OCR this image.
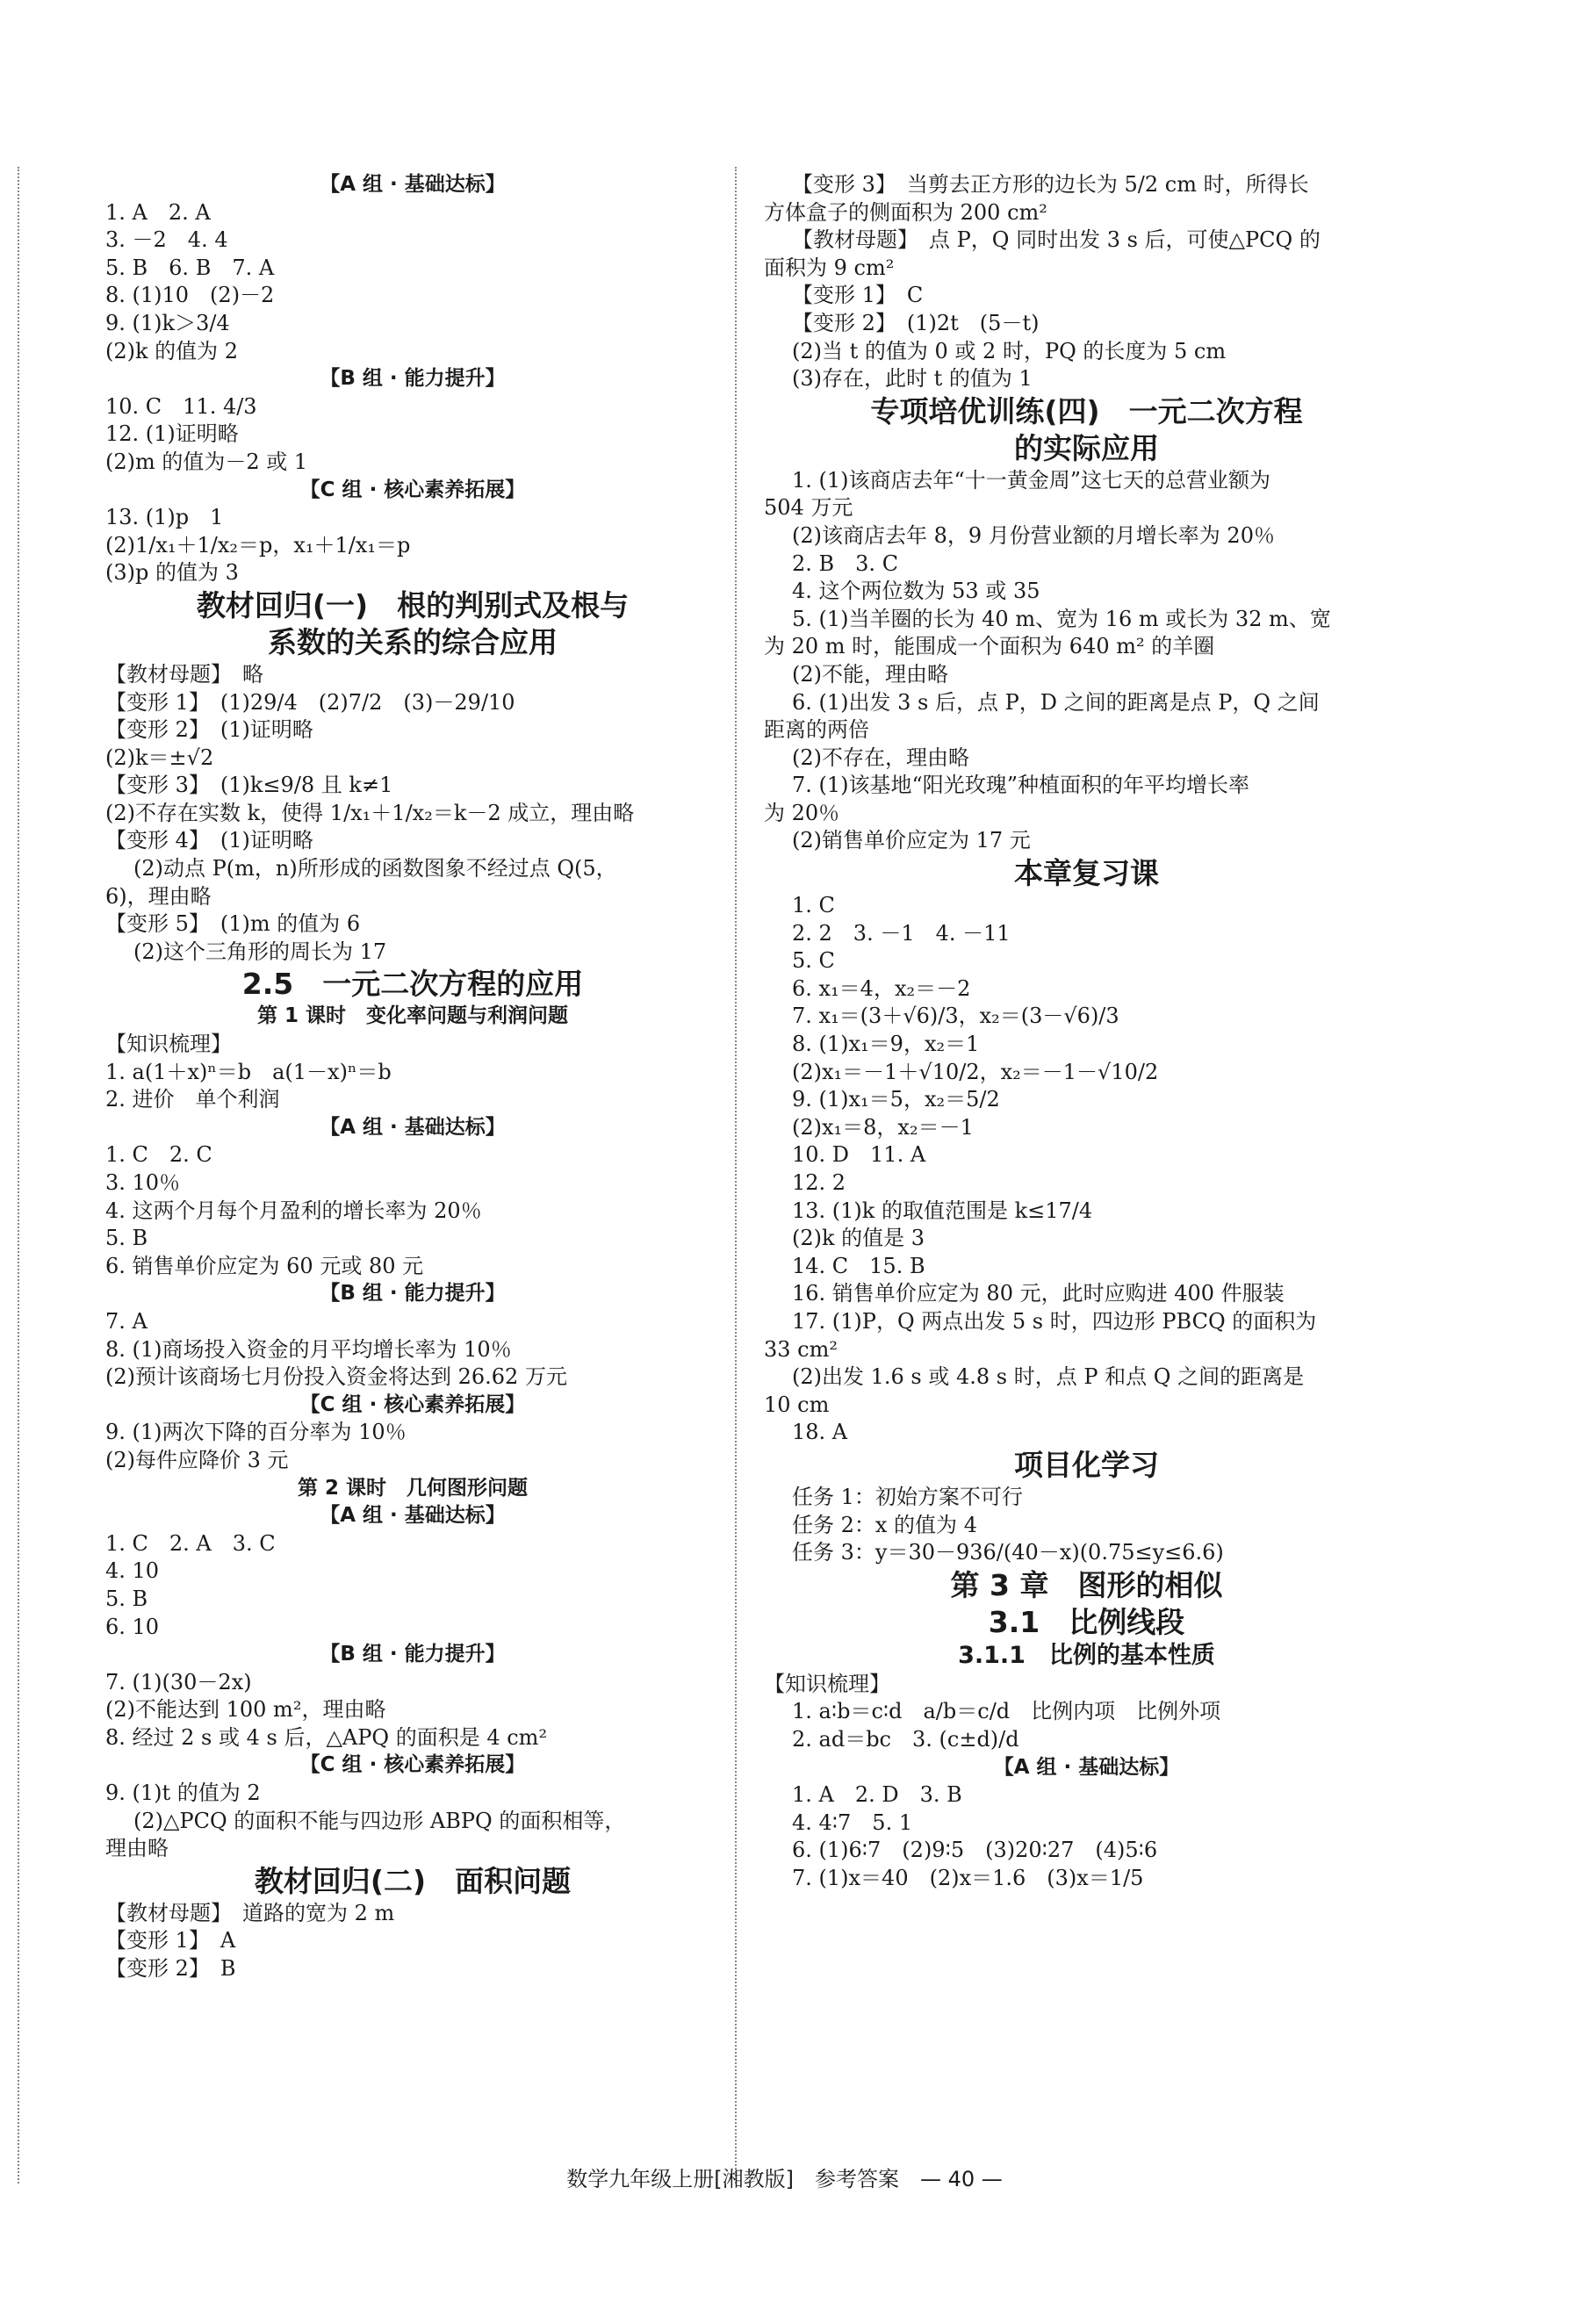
【A 组 · 基础达标】
1. A　2. A
3. －2　4. 4
5. B　6. B　7. A
8. (1)10　(2)－2
9. (1)k＞3/4
(2)k 的值为 2
【B 组 · 能力提升】
10. C　11. 4/3
12. (1)证明略
(2)m 的值为－2 或 1
【C 组 · 核心素养拓展】
13. (1)p　1
(2)1/x₁＋1/x₂＝p，x₁＋1/x₁＝p
(3)p 的值为 3
教材回归(一)　根的判别式及根与
系数的关系的综合应用
【教材母题】　略
【变形 1】　(1)29/4　(2)7/2　(3)－29/10
【变形 2】　(1)证明略
(2)k＝±√2
【变形 3】　(1)k≤9/8 且 k≠1
(2)不存在实数 k，使得 1/x₁＋1/x₂＝k－2 成立，理由略
【变形 4】　(1)证明略
(2)动点 P(m，n)所形成的函数图象不经过点 Q(5，
6)，理由略
【变形 5】　(1)m 的值为 6
(2)这个三角形的周长为 17
2.5　一元二次方程的应用
第 1 课时　变化率问题与利润问题
【知识梳理】
1. a(1＋x)ⁿ＝b　a(1－x)ⁿ＝b
2. 进价　单个利润
【A 组 · 基础达标】
1. C　2. C
3. 10％
4. 这两个月每个月盈利的增长率为 20％
5. B
6. 销售单价应定为 60 元或 80 元
【B 组 · 能力提升】
7. A
8. (1)商场投入资金的月平均增长率为 10％
(2)预计该商场七月份投入资金将达到 26.62 万元
【C 组 · 核心素养拓展】
9. (1)两次下降的百分率为 10％
(2)每件应降价 3 元
第 2 课时　几何图形问题
【A 组 · 基础达标】
1. C　2. A　3. C
4. 10
5. B
6. 10
【B 组 · 能力提升】
7. (1)(30－2x)
(2)不能达到 100 m²，理由略
8. 经过 2 s 或 4 s 后，△APQ 的面积是 4 cm²
【C 组 · 核心素养拓展】
9. (1)t 的值为 2
(2)△PCQ 的面积不能与四边形 ABPQ 的面积相等，
理由略
教材回归(二)　面积问题
【教材母题】　道路的宽为 2 m
【变形 1】　A
【变形 2】　B
【变形 3】　当剪去正方形的边长为 5/2 cm 时，所得长
方体盒子的侧面积为 200 cm²
【教材母题】　点 P，Q 同时出发 3 s 后，可使△PCQ 的
面积为 9 cm²
【变形 1】　C
【变形 2】　(1)2t　(5－t)
(2)当 t 的值为 0 或 2 时，PQ 的长度为 5 cm
(3)存在，此时 t 的值为 1
专项培优训练(四)　一元二次方程
的实际应用
1. (1)该商店去年“十一黄金周”这七天的总营业额为
504 万元
(2)该商店去年 8，9 月份营业额的月增长率为 20％
2. B　3. C
4. 这个两位数为 53 或 35
5. (1)当羊圈的长为 40 m、宽为 16 m 或长为 32 m、宽
为 20 m 时，能围成一个面积为 640 m² 的羊圈
(2)不能，理由略
6. (1)出发 3 s 后，点 P，D 之间的距离是点 P，Q 之间
距离的两倍
(2)不存在，理由略
7. (1)该基地“阳光玫瑰”种植面积的年平均增长率
为 20％
(2)销售单价应定为 17 元
本章复习课
1. C
2. 2　3. －1　4. －11
5. C
6. x₁＝4，x₂＝－2
7. x₁＝(3＋√6)/3，x₂＝(3－√6)/3
8. (1)x₁＝9，x₂＝1
(2)x₁＝－1＋√10/2，x₂＝－1－√10/2
9. (1)x₁＝5，x₂＝5/2
(2)x₁＝8，x₂＝－1
10. D　11. A
12. 2
13. (1)k 的取值范围是 k≤17/4
(2)k 的值是 3
14. C　15. B
16. 销售单价应定为 80 元，此时应购进 400 件服装
17. (1)P，Q 两点出发 5 s 时，四边形 PBCQ 的面积为
33 cm²
(2)出发 1.6 s 或 4.8 s 时，点 P 和点 Q 之间的距离是
10 cm
18. A
项目化学习
任务 1：初始方案不可行
任务 2：x 的值为 4
任务 3：y＝30－936/(40－x)(0.75≤y≤6.6)
第 3 章　图形的相似
3.1　比例线段
3.1.1　比例的基本性质
【知识梳理】
1. a∶b＝c∶d　a/b＝c/d　比例内项　比例外项
2. ad＝bc　3. (c±d)/d
【A 组 · 基础达标】
1. A　2. D　3. B
4. 4∶7　5. 1
6. (1)6∶7　(2)9∶5　(3)20∶27　(4)5∶6
7. (1)x＝40　(2)x＝1.6　(3)x＝1/5
数学九年级上册[湘教版]　参考答案　— 40 —
